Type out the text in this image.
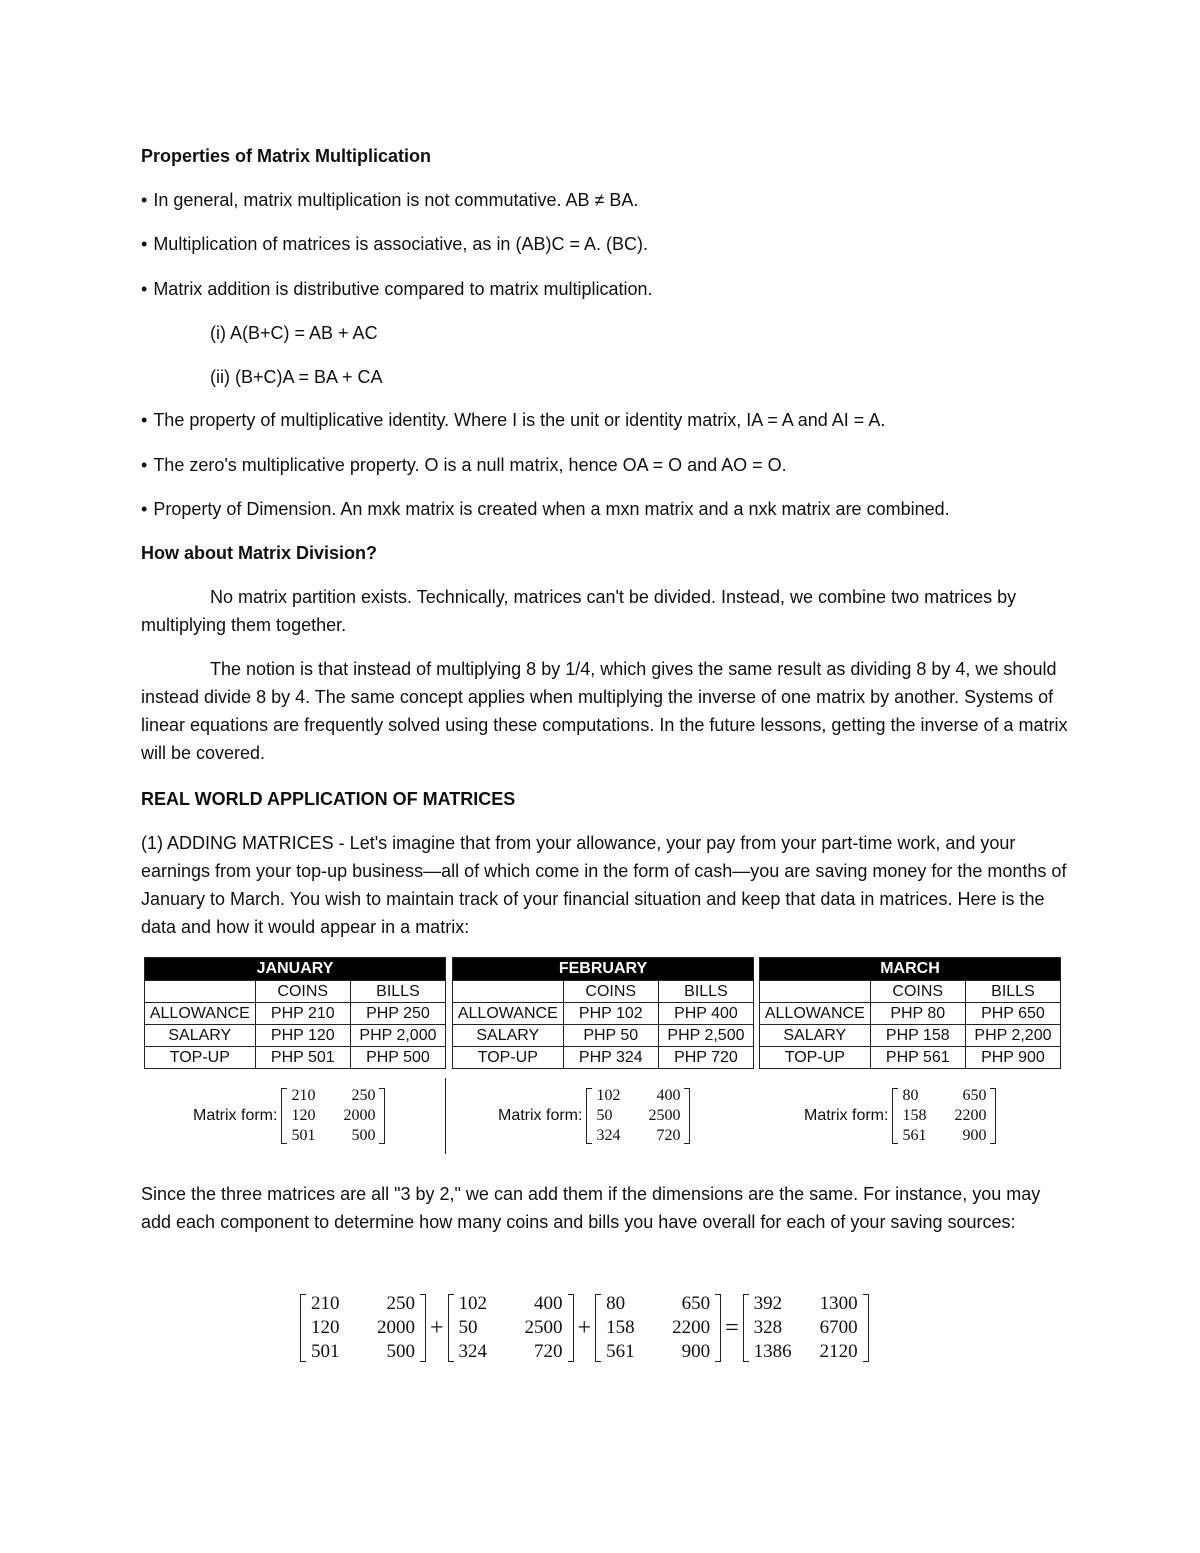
Properties of Matrix Multiplication
• In general, matrix multiplication is not commutative. AB ≠ BA.
• Multiplication of matrices is associative, as in (AB)C = A. (BC).
• Matrix addition is distributive compared to matrix multiplication.
(i) A(B+C) = AB + AC
(ii) (B+C)A = BA + CA
• The property of multiplicative identity. Where I is the unit or identity matrix, IA = A and AI = A.
• The zero's multiplicative property. O is a null matrix, hence OA = O and AO = O.
• Property of Dimension. An mxk matrix is created when a mxn matrix and a nxk matrix are combined.
How about Matrix Division?
No matrix partition exists. Technically, matrices can't be divided. Instead, we combine two matrices by multiplying them together.
The notion is that instead of multiplying 8 by 1/4, which gives the same result as dividing 8 by 4, we should instead divide 8 by 4. The same concept applies when multiplying the inverse of one matrix by another. Systems of linear equations are frequently solved using these computations. In the future lessons, getting the inverse of a matrix will be covered.
REAL WORLD APPLICATION OF MATRICES
(1) ADDING MATRICES - Let's imagine that from your allowance, your pay from your part-time work, and your earnings from your top-up business—all of which come in the form of cash—you are saving money for the months of January to March. You wish to maintain track of your financial situation and keep that data in matrices. Here is the data and how it would appear in a matrix:
JANUARY		
	COINS	BILLS
ALLOWANCE	PHP 210	PHP 250
SALARY	PHP 120	PHP 2,000
TOP-UP	PHP 501	PHP 500
FEBRUARY		
	COINS	BILLS
ALLOWANCE	PHP 102	PHP 400
SALARY	PHP 50	PHP 2,500
TOP-UP	PHP 324	PHP 720
MARCH		
	COINS	BILLS
ALLOWANCE	PHP 80	PHP 650
SALARY	PHP 158	PHP 2,200
TOP-UP	PHP 561	PHP 900
Matrix form:
210	250
120	2000
501	500
Matrix form:
102	400
50	2500
324	720
Matrix form:
80	650
158	2200
561	900
Since the three matrices are all "3 by 2," we can add them if the dimensions are the same. For instance, you may add each component to determine how many coins and bills you have overall for each of your saving sources:
210	250
120	2000
501	500
+
102	400
50	2500
324	720
+
80	650
158	2200
561	900
=
392	1300
328	6700
1386	2120
